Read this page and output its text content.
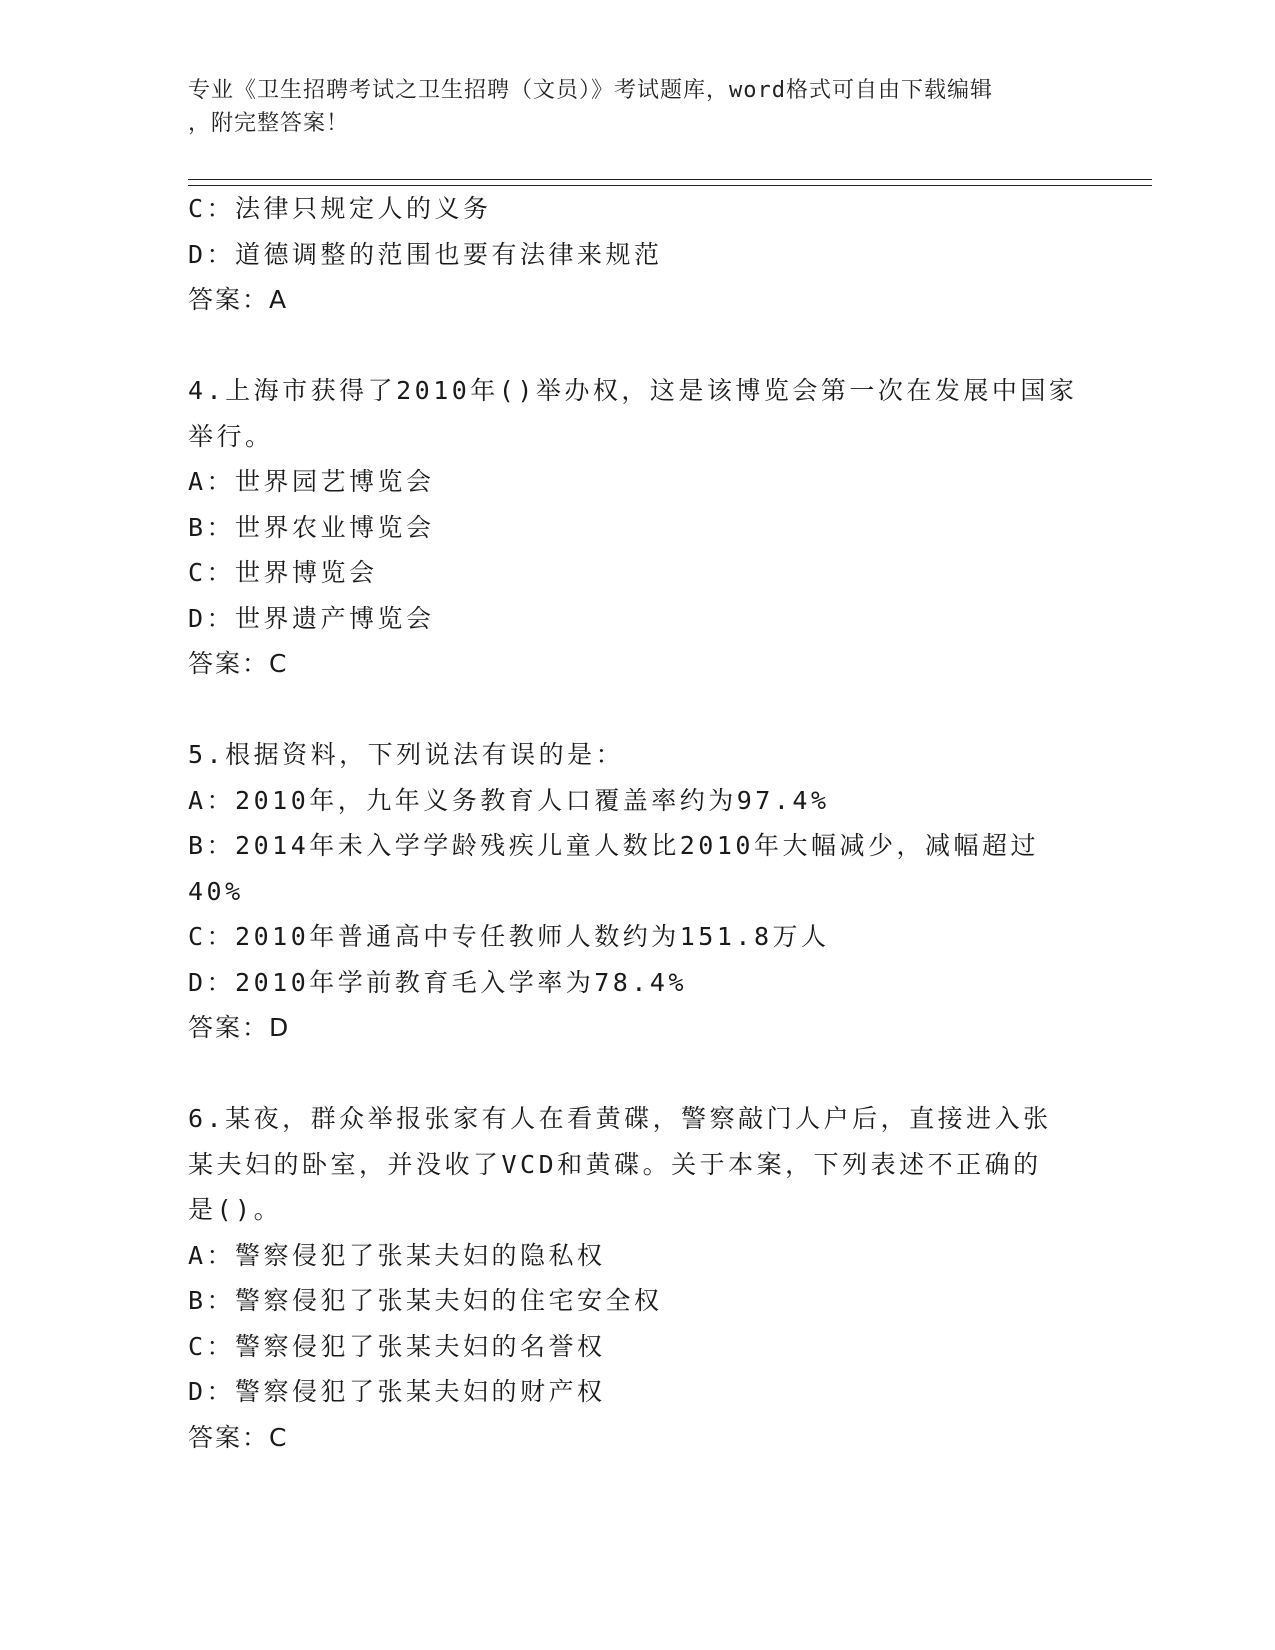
专业《卫生招聘考试之卫生招聘（文员）》考试题库，word格式可自由下载编辑
，附完整答案！
C：法律只规定人的义务
D：道德调整的范围也要有法律来规范
答案：A
4.上海市获得了2010年()举办权，这是该博览会第一次在发展中国家
举行。
A：世界园艺博览会
B：世界农业博览会
C：世界博览会
D：世界遗产博览会
答案：C
5.根据资料，下列说法有误的是：
A：2010年，九年义务教育人口覆盖率约为97.4%
B：2014年未入学学龄残疾儿童人数比2010年大幅减少，减幅超过
40%
C：2010年普通高中专任教师人数约为151.8万人
D：2010年学前教育毛入学率为78.4%
答案：D
6.某夜，群众举报张家有人在看黄碟，警察敲门人户后，直接进入张
某夫妇的卧室，并没收了VCD和黄碟。关于本案，下列表述不正确的
是()。
A：警察侵犯了张某夫妇的隐私权
B：警察侵犯了张某夫妇的住宅安全权
C：警察侵犯了张某夫妇的名誉权
D：警察侵犯了张某夫妇的财产权
答案：C
